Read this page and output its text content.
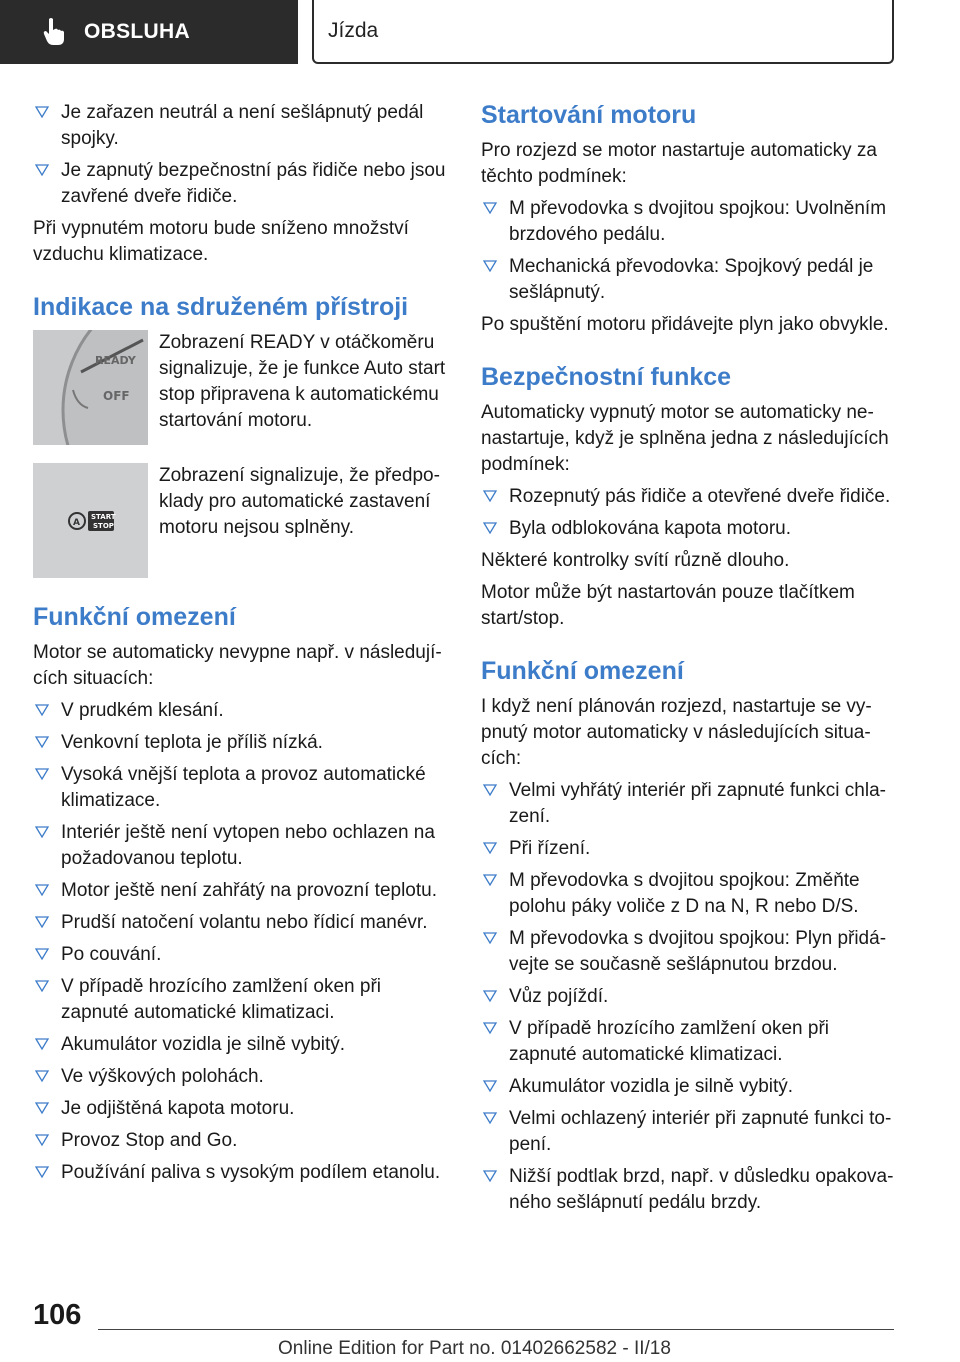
OBSLUHA	Jízda
Je zařazen neutrál a není sešlápnutý pedál spojky.
Je zapnutý bezpečnostní pás řidiče nebo jsou zavřené dveře řidiče.

Při vypnutém motoru bude sníženo množství vzduchu klimatizace.

Indikace na sdruženém přístroji
READY
OFF
Zobrazení READY v otáčkoměru signalizuje, že je funkce Auto start stop připravena k automatickému startování motoru.
A
START
STOP
Zobrazení signalizuje, že předpo-klady pro automatické zastavení motoru nejsou splněny.
Funkční omezení

Motor se automaticky nevypne např. v následují-cích situacích:

V prudkém klesání.
Venkovní teplota je příliš nízká.
Vysoká vnější teplota a provoz automatické klimatizace.
Interiér ještě není vytopen nebo ochlazen na požadovanou teplotu.
Motor ještě není zahřátý na provozní teplotu.
Prudší natočení volantu nebo řídicí manévr.
Po couvání.
V případě hrozícího zamlžení oken při zapnuté automatické klimatizaci.
Akumulátor vozidla je silně vybitý.
Ve výškových polohách.
Je odjištěná kapota motoru.
Provoz Stop and Go.
Používání paliva s vysokým podílem etanolu.
Startování motoru

Pro rozjezd se motor nastartuje automaticky za těchto podmínek:

M převodovka s dvojitou spojkou: Uvolněním brzdového pedálu.
Mechanická převodovka: Spojkový pedál je sešlápnutý.

Po spuštění motoru přidávejte plyn jako obvykle.

Bezpečnostní funkce

Automaticky vypnutý motor se automaticky ne-nastartuje, když je splněna jedna z následujících podmínek:

Rozepnutý pás řidiče a otevřené dveře řidiče.
Byla odblokována kapota motoru.

Některé kontrolky svítí různě dlouho.

Motor může být nastartován pouze tlačítkem start/stop.

Funkční omezení

I když není plánován rozjezd, nastartuje se vy-pnutý motor automaticky v následujících situa-cích:

Velmi vyhřátý interiér při zapnuté funkci chla-zení.
Při řízení.
M převodovka s dvojitou spojkou: Změňte polohu páky voliče z D na N, R nebo D/S.
M převodovka s dvojitou spojkou: Plyn přidá-vejte se současně sešlápnutou brzdou.
Vůz pojíždí.
V případě hrozícího zamlžení oken při zapnuté automatické klimatizaci.
Akumulátor vozidla je silně vybitý.
Velmi ochlazený interiér při zapnuté funkci to-pení.
Nižší podtlak brzd, např. v důsledku opakova-ného sešlápnutí pedálu brzdy.
106
Online Edition for Part no. 01402662582 - II/18
